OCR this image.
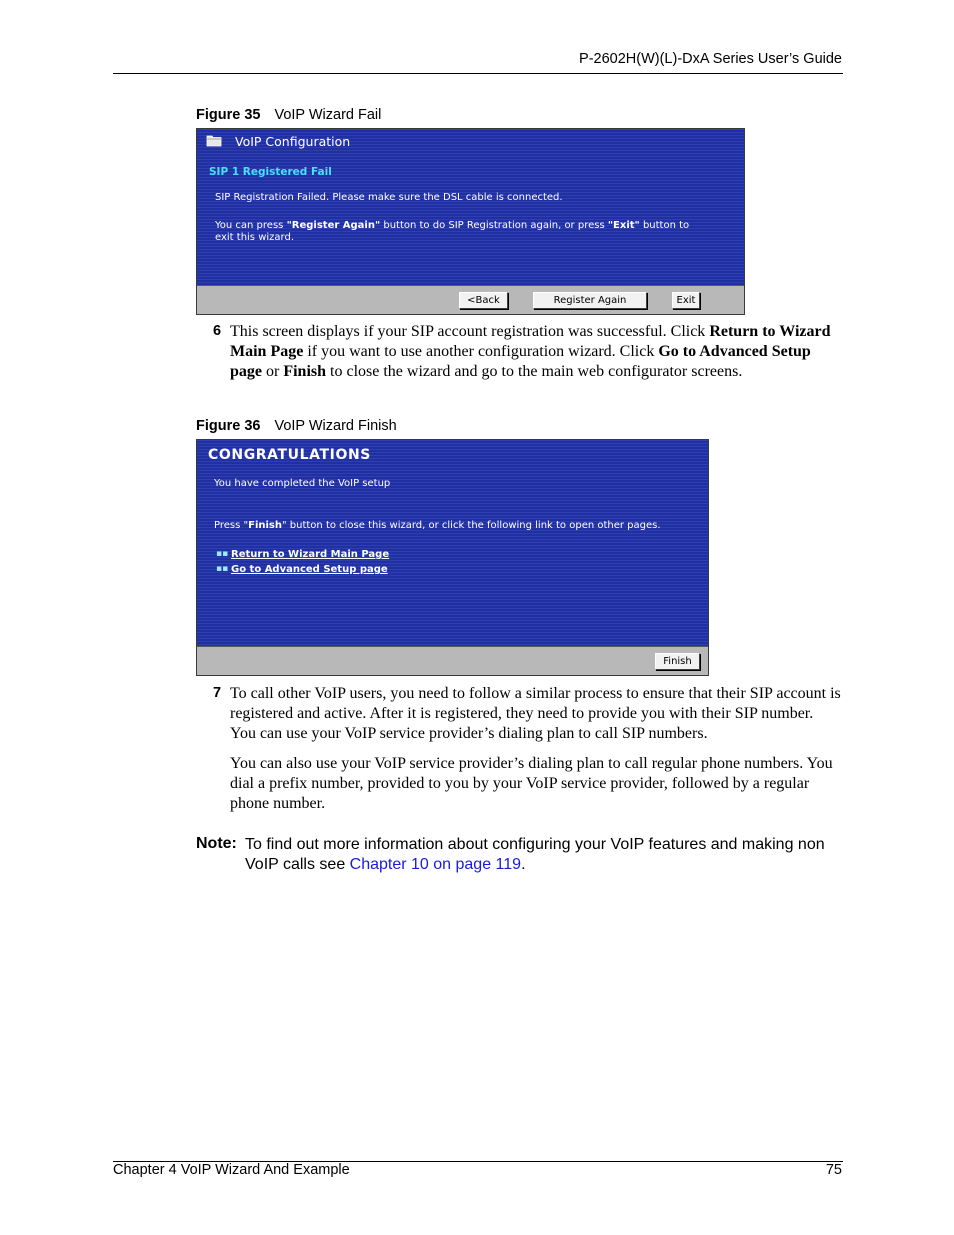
P-2602H(W)(L)-DxA Series User’s Guide
Figure 35 VoIP Wizard Fail
VoIP Configuration
SIP 1 Registered Fail
SIP Registration Failed. Please make sure the DSL cable is connected.
You can press "Register Again" button to do SIP Registration again, or press "Exit" button to
exit this wizard.
<Back	Register Again	Exit
6 This screen displays if your SIP account registration was successful. Click Return to Wizard Main Page if you want to use another configuration wizard. Click Go to Advanced Setup page or Finish to close the wizard and go to the main web configurator screens.
Figure 36 VoIP Wizard Finish
CONGRATULATIONS
You have completed the VoIP setup
Press "Finish" button to close this wizard, or click the following link to open other pages.
▪▪ Return to Wizard Main Page
▪▪ Go to Advanced Setup page
Finish
7 To call other VoIP users, you need to follow a similar process to ensure that their SIP account is registered and active. After it is registered, they need to provide you with their SIP number. You can use your VoIP service provider’s dialing plan to call SIP numbers.
You can also use your VoIP service provider’s dialing plan to call regular phone numbers. You dial a prefix number, provided to you by your VoIP service provider, followed by a regular phone number.
Note: To find out more information about configuring your VoIP features and making non VoIP calls see Chapter 10 on page 119.
Chapter 4 VoIP Wizard And Example	75
